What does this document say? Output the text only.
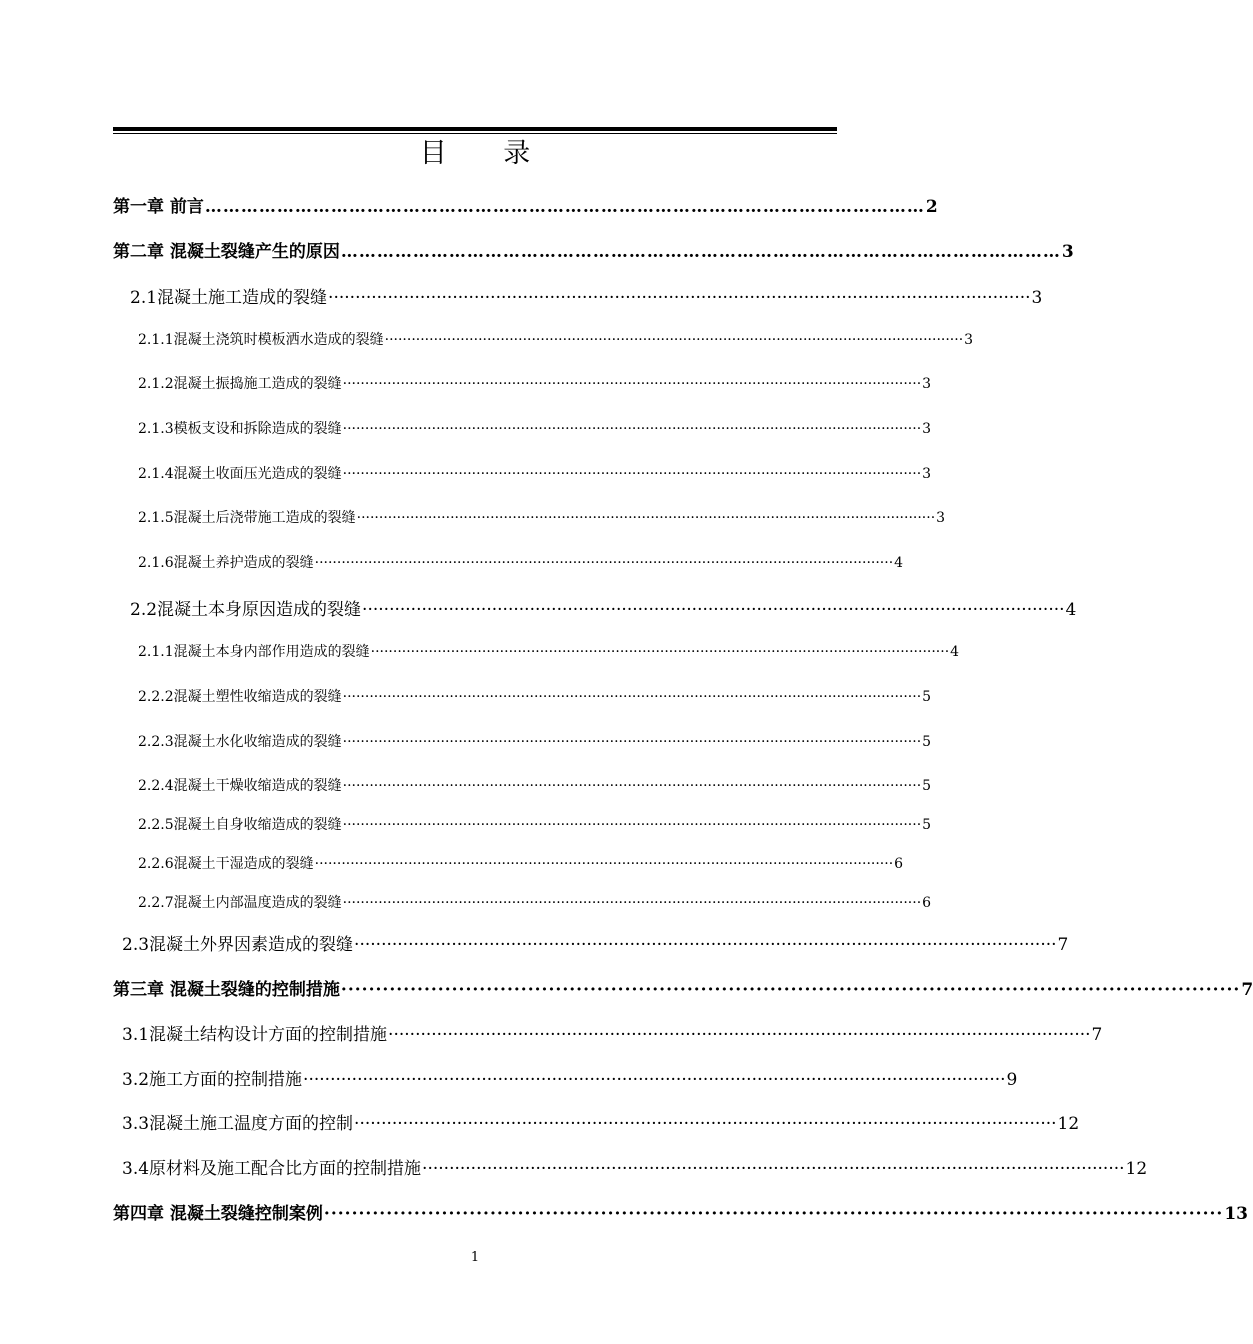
目 录
第一章 前言 ………………………………………………………………………………………………………… 2
第二章 混凝土裂缝产生的原因 ………………………………………………………………………………………………………… 3
2.1混凝土施工造成的裂缝 ·································································································································· 3
2.1.1混凝土浇筑时模板洒水造成的裂缝 ·································································································································· 3
2.1.2混凝土振捣施工造成的裂缝 ·································································································································· 3
2.1.3模板支设和拆除造成的裂缝 ·································································································································· 3
2.1.4混凝土收面压光造成的裂缝 ·································································································································· 3
2.1.5混凝土后浇带施工造成的裂缝 ·································································································································· 3
2.1.6混凝土养护造成的裂缝 ·································································································································· 4
2.2混凝土本身原因造成的裂缝 ·································································································································· 4
2.1.1混凝土本身内部作用造成的裂缝 ·································································································································· 4
2.2.2混凝土塑性收缩造成的裂缝 ·································································································································· 5
2.2.3混凝土水化收缩造成的裂缝 ·································································································································· 5
2.2.4混凝土干燥收缩造成的裂缝 ·································································································································· 5
2.2.5混凝土自身收缩造成的裂缝 ·································································································································· 5
2.2.6混凝土干湿造成的裂缝 ·································································································································· 6
2.2.7混凝土内部温度造成的裂缝 ·································································································································· 6
2.3混凝土外界因素造成的裂缝 ·································································································································· 7
第三章 混凝土裂缝的控制措施 ·································································································································· 7
3.1混凝土结构设计方面的控制措施 ·································································································································· 7
3.2施工方面的控制措施 ·································································································································· 9
3.3混凝土施工温度方面的控制 ·································································································································· 12
3.4原材料及施工配合比方面的控制措施 ·································································································································· 12
第四章 混凝土裂缝控制案例 ·································································································································· 13
1
